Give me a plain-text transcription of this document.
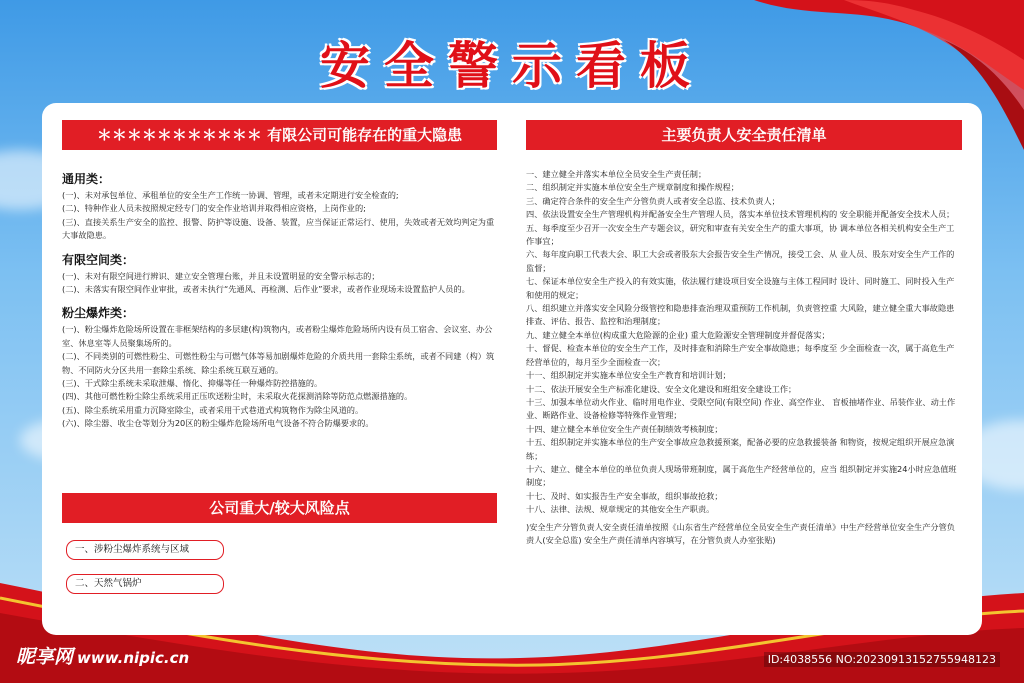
安全警示看板
＊＊＊＊＊＊＊＊＊＊＊ 有限公司可能存在的重大隐患
通用类：
(一)、未对承包单位、承租单位的安全生产工作统一协调、管理，或者未定期进行安全检查的;
(二)、特种作业人员未按照规定经专门的安全作业培训并取得相应资格，上岗作业的;
(三)、直接关系生产安全的监控、报警、防护等设施、设备、装置，应当保证正常运行、使用，失效或者无效均判定为重大事故隐患。
有限空间类：
(一)、未对有限空间进行辨识、建立安全管理台账，并且未设置明显的安全警示标志的；
(二)、未落实有限空间作业审批，或者未执行“先通风、再检测、后作业”要求，或者作业现场未设置监护人员的。
粉尘爆炸类：
(一)、粉尘爆炸危险场所设置在非框架结构的多层建(构)筑物内，或者粉尘爆炸危险场所内设有员工宿舍、会议室、办公室、休息室等人员聚集场所的。
(二)、不同类别的可燃性粉尘、可燃性粉尘与可燃气体等易加剧爆炸危险的介质共用一套除尘系统，或者不同建（构）筑物、不同防火分区共用一套除尘系统、除尘系统互联互通的。
(三)、干式除尘系统未采取泄爆、惰化、抑爆等任一种爆炸防控措施的。
(四)、其他可燃性粉尘除尘系统采用正压吹送粉尘时，未采取火花探测消除等防范点燃源措施的。
(五)、除尘系统采用重力沉降室除尘，或者采用干式巷道式构筑物作为除尘风道的。
(六)、除尘器、收尘仓等划分为20区的粉尘爆炸危险场所电气设备不符合防爆要求的。
公司重大/较大风险点
一、涉粉尘爆炸系统与区域
二、天然气锅炉
主要负责人安全责任清单
一、建立健全并落实本单位全员安全生产责任制；
二、组织制定并实施本单位安全生产规章制度和操作规程；
三、确定符合条件的安全生产分管负责人或者安全总监、技术负责人；
四、依法设置安全生产管理机构并配备安全生产管理人员，落实本单位技术管理机构的 安全职能并配备安全技术人员；
五、每季度至少召开一次安全生产专题会议，研究和审查有关安全生产的重大事项，协 调本单位各相关机构安全生产工作事宜；
六、每年度向职工代表大会、职工大会或者股东大会报告安全生产情况，接受工会、从 业人员、股东对安全生产工作的监督；
七、保证本单位安全生产投入的有效实施，依法履行建设项目安全设施与主体工程同时 设计、同时施工、同时投入生产和使用的规定；
八、组织建立并落实安全风险分级管控和隐患排查治理双重预防工作机制，负责管控重 大风险，建立健全重大事故隐患排查、评估、报告、监控和治理制度；
九、建立健全本单位(构成重大危险源的企业) 重大危险源安全管理制度并督促落实；
十、督促、检查本单位的安全生产工作，及时排查和消除生产安全事故隐患；每季度至 少全面检查一次，属于高危生产经营单位的，每月至少全面检查一次；
十一、组织制定并实施本单位安全生产教育和培训计划；
十二、依法开展安全生产标准化建设、安全文化建设和班组安全建设工作；
十三、加强本单位动火作业、临时用电作业、受限空间(有限空间) 作业、高空作业、 盲板抽堵作业、吊装作业、动土作业、断路作业、设备检修等特殊作业管理；
十四、建立健全本单位安全生产责任制绩效考核制度；
十五、组织制定并实施本单位的生产安全事故应急救援预案，配备必要的应急救援装备 和物资，按规定组织开展应急演练；
十六、建立、健全本单位的单位负责人现场带班制度，属于高危生产经营单位的，应当 组织制定并实施24小时应急值班制度；
十七、及时、如实报告生产安全事故，组织事故抢救；
十八、法律、法规、规章规定的其他安全生产职责。
)安全生产分管负责人安全责任清单按照《山东省生产经营单位全员安全生产责任清单》中生产经营单位安全生产分管负责人(安全总监) 安全生产责任清单内容填写，在分管负责人办室张贴)
昵享网 www.nipic.cn	ID:4038556 NO:20230913152755948123
